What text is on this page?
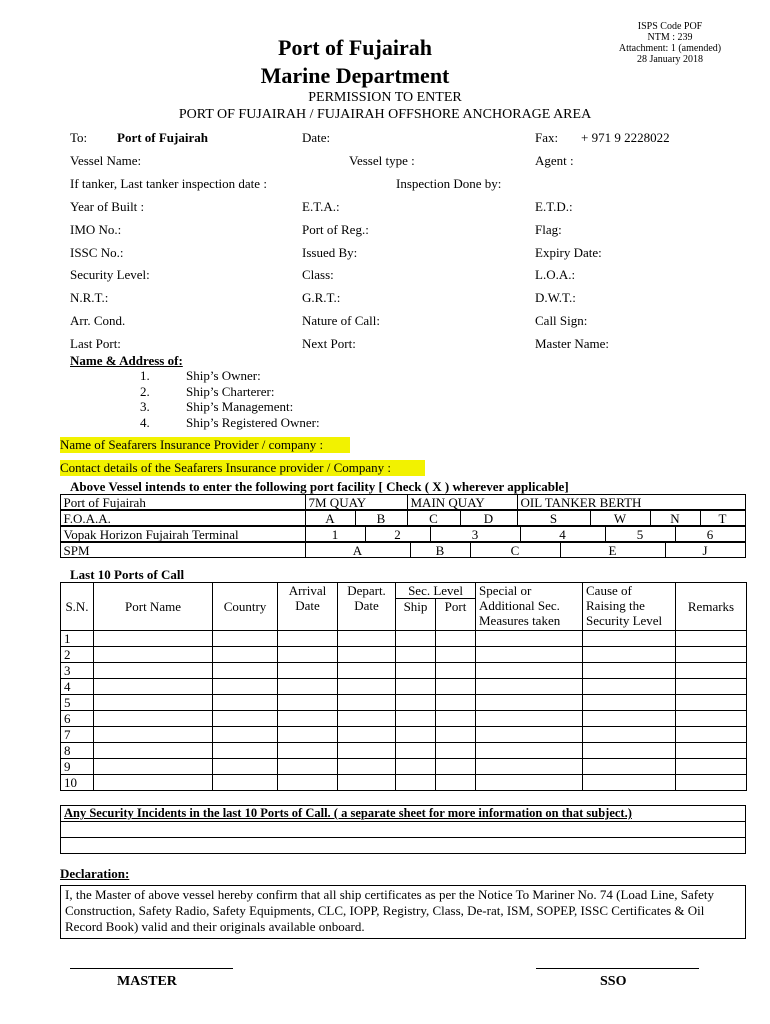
Port of Fujairah
Marine Department
ISPS Code POF
NTM : 239
Attachment: 1 (amended)
28 January 2018
PERMISSION TO ENTER
PORT OF FUJAIRAH / FUJAIRAH OFFSHORE ANCHORAGE AREA
To: Port of Fujairah	Date:	Fax: + 971 9 2228022
Vessel Name:	Vessel type :	Agent :
If tanker, Last tanker inspection date :	Inspection Done by:
Year of Built :	E.T.A.:	E.T.D.:
IMO No.:	Port of Reg.:	Flag:
ISSC No.:	Issued By:	Expiry Date:
Security Level:	Class:	L.O.A.:
N.R.T.:	G.R.T.:	D.W.T.:
Arr. Cond.	Nature of Call:	Call Sign:
Last Port:	Next Port:	Master Name:
Name & Address of:
1.	Ship’s Owner:
2.	Ship’s Charterer:
3.	Ship’s Management:
4.	Ship’s Registered Owner:
Name of Seafarers Insurance Provider / company :
Contact details of the Seafarers Insurance provider / Company :
Above Vessel intends to enter the following port facility [ Check ( X ) wherever applicable]
Port of Fujairah	7M QUAY	MAIN QUAY	OIL TANKER BERTH
F.O.A.A.	A	B	C	D	S	W	N	T
Vopak Horizon Fujairah Terminal	1	2	3	4	5	6
SPM	A	B	C	E	J
Last 10 Ports of Call
S.N.	Port Name	Country	Arrival Date	Depart. Date	Sec. Level		Special or Additional Sec. Measures taken	Cause of Raising the Security Level	Remarks
					Ship	Port			
1									
2									
3									
4									
5									
6									
7									
8									
9									
10									
Any Security Incidents in the last 10 Ports of Call. ( a separate sheet for more information on that subject.)

Declaration:
I, the Master of above vessel hereby confirm that all ship certificates as per the Notice To Mariner No. 74 (Load Line, Safety Construction, Safety Radio, Safety Equipments, CLC, IOPP, Registry, Class, De-rat, ISM, SOPEP, ISSC Certificates & Oil Record Book) valid and their originals available onboard.
MASTER	SSO
